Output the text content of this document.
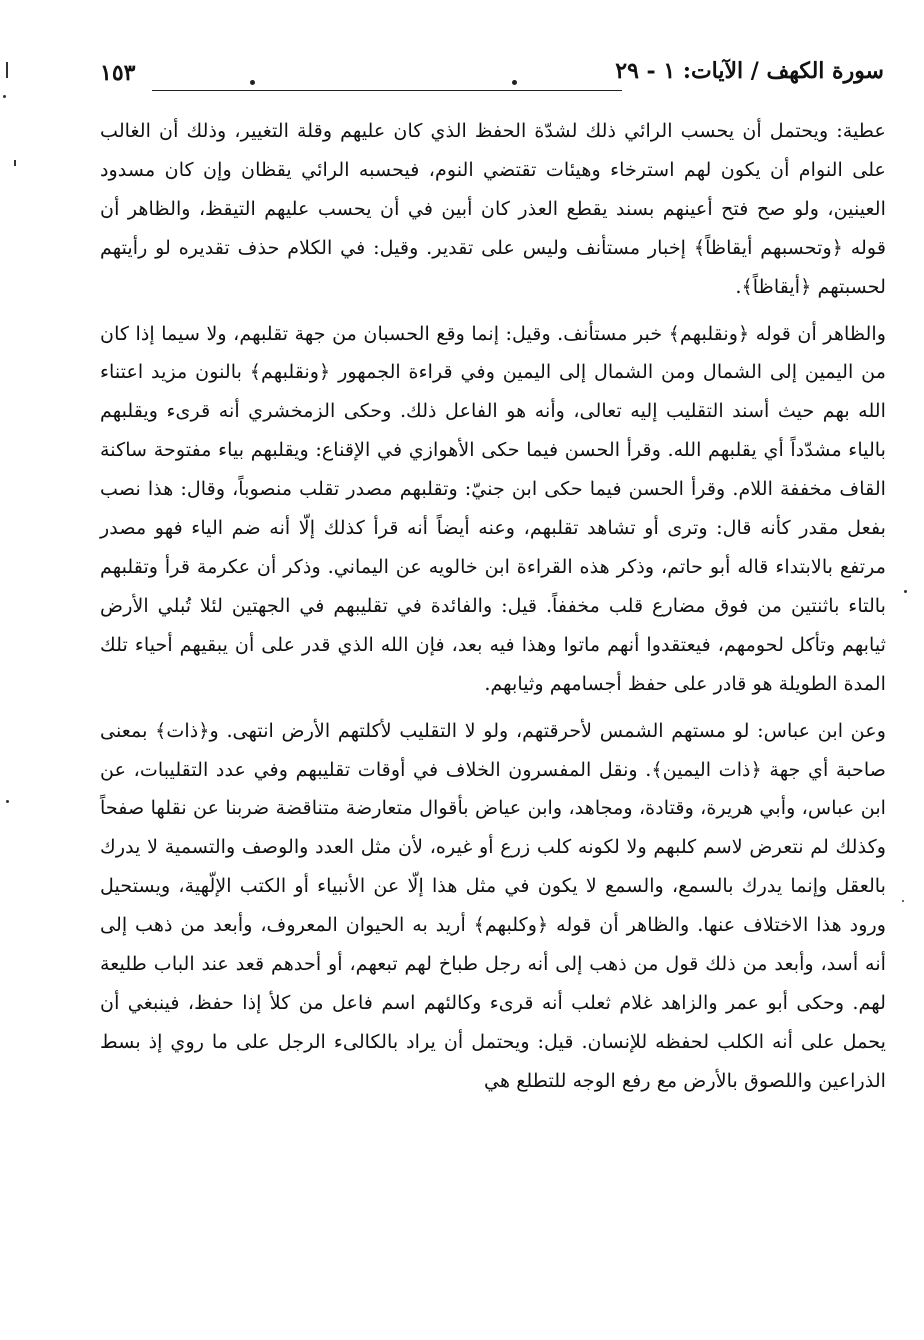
سورة الكهف / الآيات: ١ - ٢٩
١٥٣

عطية: ويحتمل أن يحسب الرائي ذلك لشدّة الحفظ الذي كان عليهم وقلة التغيير، وذلك أن الغالب على النوام أن يكون لهم استرخاء وهيئات تقتضي النوم، فيحسبه الرائي يقظان وإن كان مسدود العينين، ولو صح فتح أعينهم بسند يقطع العذر كان أبين في أن يحسب عليهم التيقظ، والظاهر أن قوله ﴿وتحسبهم أيقاظاً﴾ إخبار مستأنف وليس على تقدير. وقيل: في الكلام حذف تقديره لو رأيتهم لحسبتهم ﴿أيقاظاً﴾.

والظاهر أن قوله ﴿ونقلبهم﴾ خبر مستأنف. وقيل: إنما وقع الحسبان من جهة تقلبهم، ولا سيما إذا كان من اليمين إلى الشمال ومن الشمال إلى اليمين وفي قراءة الجمهور ﴿ونقلبهم﴾ بالنون مزيد اعتناء الله بهم حيث أسند التقليب إليه تعالى، وأنه هو الفاعل ذلك. وحكى الزمخشري أنه قرىء ويقلبهم بالياء مشدّداً أي يقلبهم الله. وقرأ الحسن فيما حكى الأهوازي في الإقناع: ويقلبهم بياء مفتوحة ساكنة القاف مخففة اللام. وقرأ الحسن فيما حكى ابن جنيّ: وتقلبهم مصدر تقلب منصوباً، وقال: هذا نصب بفعل مقدر كأنه قال: وترى أو تشاهد تقلبهم، وعنه أيضاً أنه قرأ كذلك إلّا أنه ضم الياء فهو مصدر مرتفع بالابتداء قاله أبو حاتم، وذكر هذه القراءة ابن خالويه عن اليماني. وذكر أن عكرمة قرأ وتقلبهم بالتاء باثنتين من فوق مضارع قلب مخففاً. قيل: والفائدة في تقليبهم في الجهتين لئلا تُبلي الأرض ثيابهم وتأكل لحومهم، فيعتقدوا أنهم ماتوا وهذا فيه بعد، فإن الله الذي قدر على أن يبقيهم أحياء تلك المدة الطويلة هو قادر على حفظ أجسامهم وثيابهم.

وعن ابن عباس: لو مستهم الشمس لأحرقتهم، ولو لا التقليب لأكلتهم الأرض انتهى. و﴿ذات﴾ بمعنى صاحبة أي جهة ﴿ذات اليمين﴾. ونقل المفسرون الخلاف في أوقات تقليبهم وفي عدد التقليبات، عن ابن عباس، وأبي هريرة، وقتادة، ومجاهد، وابن عياض بأقوال متعارضة متناقضة ضربنا عن نقلها صفحاً وكذلك لم نتعرض لاسم كلبهم ولا لكونه كلب زرع أو غيره، لأن مثل العدد والوصف والتسمية لا يدرك بالعقل وإنما يدرك بالسمع، والسمع لا يكون في مثل هذا إلّا عن الأنبياء أو الكتب الإلّهية، ويستحيل ورود هذا الاختلاف عنها. والظاهر أن قوله ﴿وكلبهم﴾ أريد به الحيوان المعروف، وأبعد من ذهب إلى أنه أسد، وأبعد من ذلك قول من ذهب إلى أنه رجل طباخ لهم تبعهم، أو أحدهم قعد عند الباب طليعة لهم. وحكى أبو عمر والزاهد غلام ثعلب أنه قرىء وكالئهم اسم فاعل من كلأ إذا حفظ، فينبغي أن يحمل على أنه الكلب لحفظه للإنسان. قيل: ويحتمل أن يراد بالكالىء الرجل على ما روي إذ بسط الذراعين واللصوق بالأرض مع رفع الوجه للتطلع هي
